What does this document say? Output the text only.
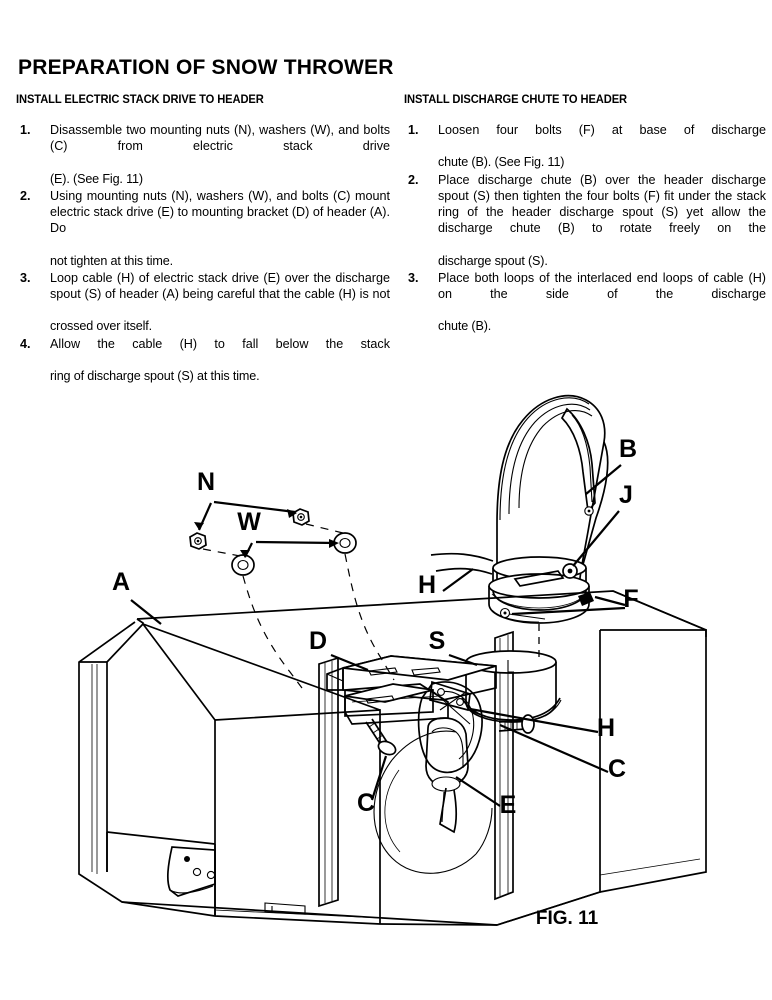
PREPARATION OF SNOW THROWER
INSTALL ELECTRIC STACK DRIVE TO HEADER
1. Disassemble two mounting nuts (N), washers (W), and bolts (C) from electric stack drive
(E). (See Fig. 11)
2. Using mounting nuts (N), washers (W), and bolts (C) mount electric stack drive (E) to mounting bracket (D) of header (A). Do
not tighten at this time.
3. Loop cable (H) of electric stack drive (E) over the discharge spout (S) of header (A) being careful that the cable (H) is not
crossed over itself.
4. Allow the cable (H) to fall below the stack
ring of discharge spout (S) at this time.
INSTALL DISCHARGE CHUTE TO HEADER
1. Loosen four bolts (F) at base of discharge
chute (B). (See Fig. 11)
2. Place discharge chute (B) over the header discharge spout (S) then tighten the four bolts (F) fit under the stack ring of the header discharge spout (S) yet allow the discharge chute (B) to rotate freely on the
discharge spout (S).
3. Place both loops of the interlaced end loops of cable (H) on the side of the discharge
chute (B).
N
W
A
D	S
B
J
H	F
H
C
C	E
FIG. 11
